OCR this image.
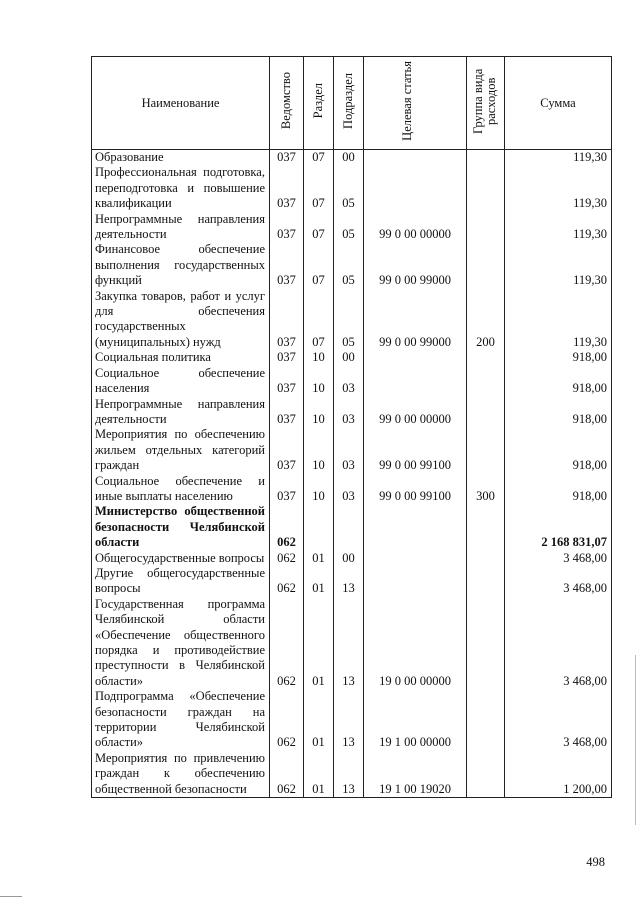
Наименование	Ведомство	Раздел	Подраздел	Целевая статья	Группа вида расходов	Сумма
Образование	037	07	00			119,30
Профессиональная подготовка, переподготовка и повышение квалификации	037	07	05			119,30
Непрограммные направления деятельности	037	07	05	99 0 00 00000		119,30
Финансовое обеспечение выполнения государственных функций	037	07	05	99 0 00 99000		119,30
Закупка товаров, работ и услуг для обеспечения государственных (муниципальных) нужд	037	07	05	99 0 00 99000	200	119,30
Социальная политика	037	10	00			918,00
Социальное обеспечение населения	037	10	03			918,00
Непрограммные направления деятельности	037	10	03	99 0 00 00000		918,00
Мероприятия по обеспечению жильем отдельных категорий граждан	037	10	03	99 0 00 99100		918,00
Социальное обеспечение и иные выплаты населению	037	10	03	99 0 00 99100	300	918,00
Министерство общественной безопасности Челябинской области	062					2 168 831,07
Общегосударственные вопросы	062	01	00			3 468,00
Другие общегосударственные вопросы	062	01	13			3 468,00
Государственная программа Челябинской области «Обеспечение общественного порядка и противодействие преступности в Челябинской области»	062	01	13	19 0 00 00000		3 468,00
Подпрограмма «Обеспечение безопасности граждан на территории Челябинской области»	062	01	13	19 1 00 00000		3 468,00
Мероприятия по привлечению граждан к обеспечению общественной безопасности	062	01	13	19 1 00 19020		1 200,00
498
